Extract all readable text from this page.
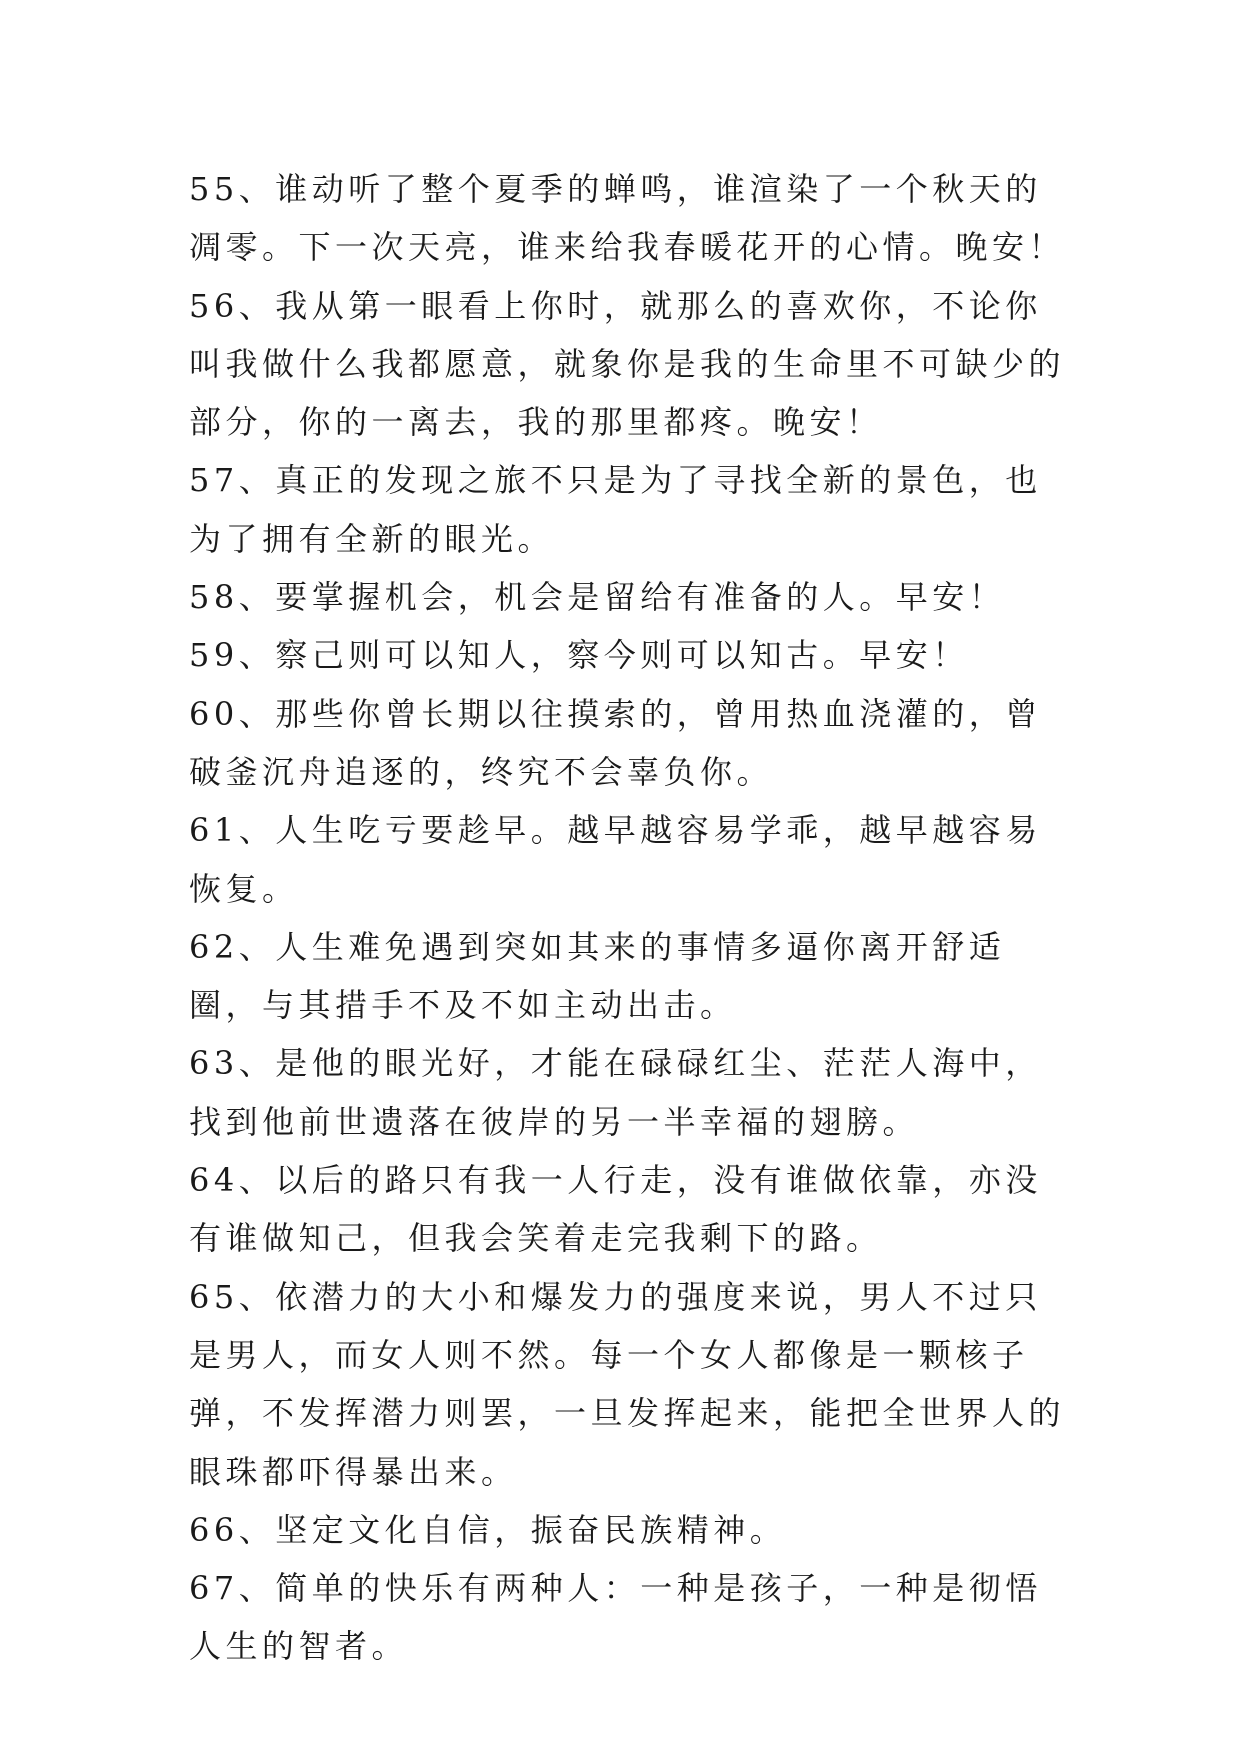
55、谁动听了整个夏季的蝉鸣，谁渲染了一个秋天的凋零。下一次天亮，谁来给我春暖花开的心情。晚安！

56、我从第一眼看上你时，就那么的喜欢你，不论你叫我做什么我都愿意，就象你是我的生命里不可缺少的部分，你的一离去，我的那里都疼。晚安！

57、真正的发现之旅不只是为了寻找全新的景色，也为了拥有全新的眼光。

58、要掌握机会，机会是留给有准备的人。早安！

59、察己则可以知人，察今则可以知古。早安！

60、那些你曾长期以往摸索的，曾用热血浇灌的，曾破釜沉舟追逐的，终究不会辜负你。

61、人生吃亏要趁早。越早越容易学乖，越早越容易恢复。

62、人生难免遇到突如其来的事情多逼你离开舒适圈，与其措手不及不如主动出击。

63、是他的眼光好，才能在碌碌红尘、茫茫人海中，找到他前世遗落在彼岸的另一半幸福的翅膀。

64、以后的路只有我一人行走，没有谁做依靠，亦没有谁做知己，但我会笑着走完我剩下的路。

65、依潜力的大小和爆发力的强度来说，男人不过只是男人，而女人则不然。每一个女人都像是一颗核子弹，不发挥潜力则罢，一旦发挥起来，能把全世界人的眼珠都吓得暴出来。

66、坚定文化自信，振奋民族精神。

67、简单的快乐有两种人：一种是孩子，一种是彻悟人生的智者。
